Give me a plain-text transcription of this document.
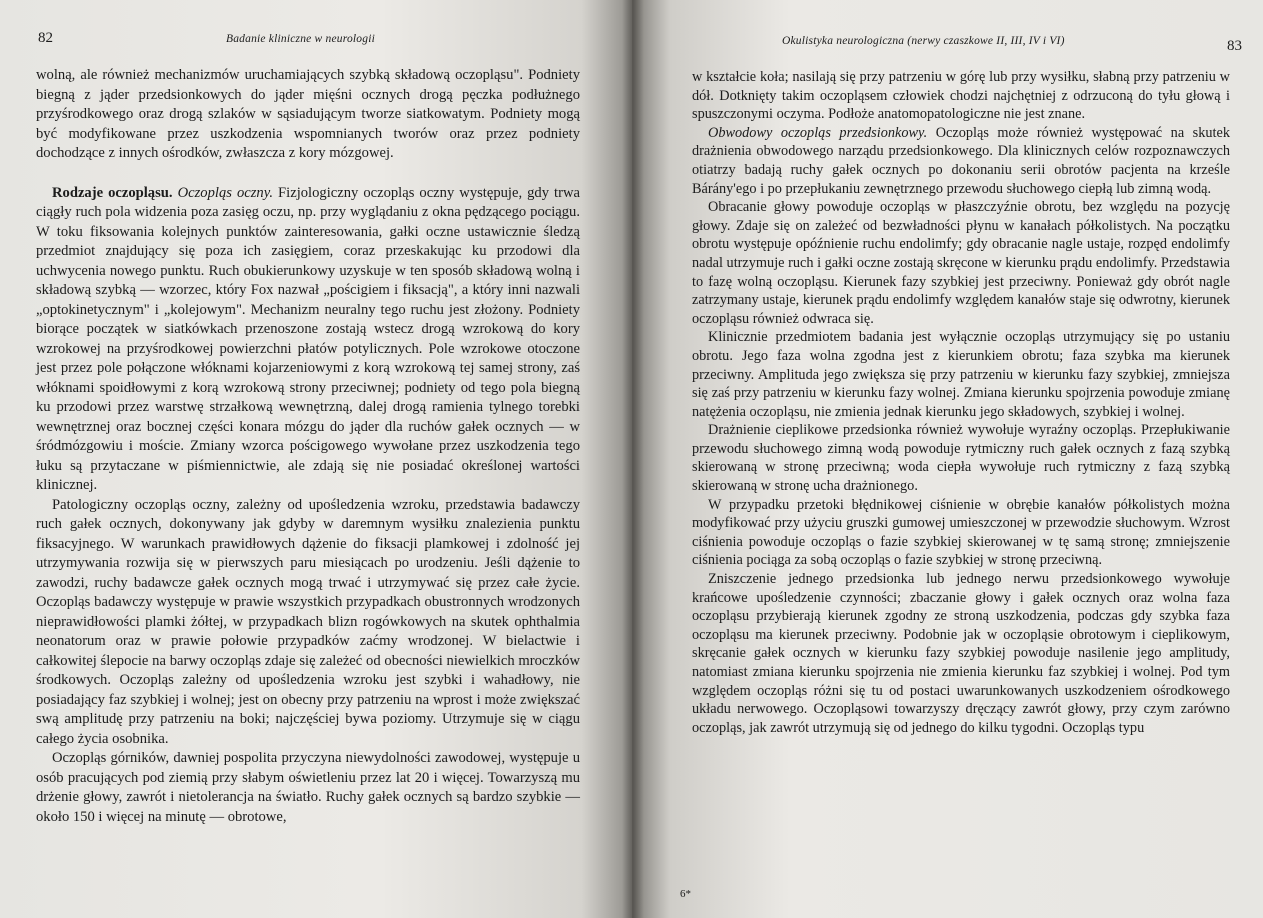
82	Badanie kliniczne w neurologii

wolną, ale również mechanizmów uruchamiających szybką składową oczopląsu". Podniety biegną z jąder przedsionkowych do jąder mięśni ocznych drogą pęczka podłużnego przyśrodkowego oraz drogą szlaków w sąsiadującym tworze siatkowatym. Podniety mogą być modyfikowane przez uszkodzenia wspomnianych tworów oraz przez podniety dochodzące z innych ośrodków, zwłaszcza z kory mózgowej.

Rodzaje oczopląsu. Oczopląs oczny. Fizjologiczny oczopląs oczny występuje, gdy trwa ciągły ruch pola widzenia poza zasięg oczu, np. przy wyglądaniu z okna pędzącego pociągu. W toku fiksowania kolejnych punktów zainteresowania, gałki oczne ustawicznie śledzą przedmiot znajdujący się poza ich zasięgiem, coraz przeskakując ku przodowi dla uchwycenia nowego punktu. Ruch obukierunkowy uzyskuje w ten sposób składową wolną i składową szybką — wzorzec, który Fox nazwał „pościgiem i fiksacją", a który inni nazwali „optokinetycznym" i „kolejowym". Mechanizm neuralny tego ruchu jest złożony. Podniety biorące początek w siatkówkach przenoszone zostają wstecz drogą wzrokową do kory wzrokowej na przyśrodkowej powierzchni płatów potylicznych. Pole wzrokowe otoczone jest przez pole połączone włóknami kojarzeniowymi z korą wzrokową tej samej strony, zaś włóknami spoidłowymi z korą wzrokową strony przeciwnej; podniety od tego pola biegną ku przodowi przez warstwę strzałkową wewnętrzną, dalej drogą ramienia tylnego torebki wewnętrznej oraz bocznej części konara mózgu do jąder dla ruchów gałek ocznych — w śródmózgowiu i moście. Zmiany wzorca pościgowego wywołane przez uszkodzenia tego łuku są przytaczane w piśmiennictwie, ale zdają się nie posiadać określonej wartości klinicznej.

Patologiczny oczopląs oczny, zależny od upośledzenia wzroku, przedstawia badawczy ruch gałek ocznych, dokonywany jak gdyby w daremnym wysiłku znalezienia punktu fiksacyjnego. W warunkach prawidłowych dążenie do fiksacji plamkowej i zdolność jej utrzymywania rozwija się w pierwszych paru miesiącach po urodzeniu. Jeśli dążenie to zawodzi, ruchy badawcze gałek ocznych mogą trwać i utrzymywać się przez całe życie. Oczopląs badawczy występuje w prawie wszystkich przypadkach obustronnych wrodzonych nieprawidłowości plamki żółtej, w przypadkach blizn rogówkowych na skutek ophthalmia neonatorum oraz w prawie połowie przypadków zaćmy wrodzonej. W bielactwie i całkowitej ślepocie na barwy oczopląs zdaje się zależeć od obecności niewielkich mroczków środkowych. Oczopląs zależny od upośledzenia wzroku jest szybki i wahadłowy, nie posiadający faz szybkiej i wolnej; jest on obecny przy patrzeniu na wprost i może zwiększać swą amplitudę przy patrzeniu na boki; najczęściej bywa poziomy. Utrzymuje się w ciągu całego życia osobnika.

Oczopląs górników, dawniej pospolita przyczyna niewydolności zawodowej, występuje u osób pracujących pod ziemią przy słabym oświetleniu przez lat 20 i więcej. Towarzyszą mu drżenie głowy, zawrót i nietolerancja na światło. Ruchy gałek ocznych są bardzo szybkie — około 150 i więcej na minutę — obrotowe,

Okulistyka neurologiczna (nerwy czaszkowe II, III, IV i VI)	83

w kształcie koła; nasilają się przy patrzeniu w górę lub przy wysiłku, słabną przy patrzeniu w dół. Dotknięty takim oczopląsem człowiek chodzi najchętniej z odrzuconą do tyłu głową i spuszczonymi oczyma. Podłoże anatomopatologiczne nie jest znane.

Obwodowy oczopląs przedsionkowy. Oczopląs może również występować na skutek drażnienia obwodowego narządu przedsionkowego. Dla klinicznych celów rozpoznawczych otiatrzy badają ruchy gałek ocznych po dokonaniu serii obrotów pacjenta na krześle Bárány'ego i po przepłukaniu zewnętrznego przewodu słuchowego ciepłą lub zimną wodą.

Obracanie głowy powoduje oczopląs w płaszczyźnie obrotu, bez względu na pozycję głowy. Zdaje się on zależeć od bezwładności płynu w kanałach półkolistych. Na początku obrotu występuje opóźnienie ruchu endolimfy; gdy obracanie nagle ustaje, rozpęd endolimfy nadal utrzymuje ruch i gałki oczne zostają skręcone w kierunku prądu endolimfy. Przedstawia to fazę wolną oczopląsu. Kierunek fazy szybkiej jest przeciwny. Ponieważ gdy obrót nagle zatrzymany ustaje, kierunek prądu endolimfy względem kanałów staje się odwrotny, kierunek oczopląsu również odwraca się.

Klinicznie przedmiotem badania jest wyłącznie oczopląs utrzymujący się po ustaniu obrotu. Jego faza wolna zgodna jest z kierunkiem obrotu; faza szybka ma kierunek przeciwny. Amplituda jego zwiększa się przy patrzeniu w kierunku fazy szybkiej, zmniejsza się zaś przy patrzeniu w kierunku fazy wolnej. Zmiana kierunku spojrzenia powoduje zmianę natężenia oczopląsu, nie zmienia jednak kierunku jego składowych, szybkiej i wolnej.

Drażnienie cieplikowe przedsionka również wywołuje wyraźny oczopląs. Przepłukiwanie przewodu słuchowego zimną wodą powoduje rytmiczny ruch gałek ocznych z fazą szybką skierowaną w stronę przeciwną; woda ciepła wywołuje ruch rytmiczny z fazą szybką skierowaną w stronę ucha drażnionego.

W przypadku przetoki błędnikowej ciśnienie w obrębie kanałów półkolistych można modyfikować przy użyciu gruszki gumowej umieszczonej w przewodzie słuchowym. Wzrost ciśnienia powoduje oczopląs o fazie szybkiej skierowanej w tę samą stronę; zmniejszenie ciśnienia pociąga za sobą oczopląs o fazie szybkiej w stronę przeciwną.

Zniszczenie jednego przedsionka lub jednego nerwu przedsionkowego wywołuje krańcowe upośledzenie czynności; zbaczanie głowy i gałek ocznych oraz wolna faza oczopląsu przybierają kierunek zgodny ze stroną uszkodzenia, podczas gdy szybka faza oczopląsu ma kierunek przeciwny. Podobnie jak w oczopląsie obrotowym i cieplikowym, skręcanie gałek ocznych w kierunku fazy szybkiej powoduje nasilenie jego amplitudy, natomiast zmiana kierunku spojrzenia nie zmienia kierunku faz szybkiej i wolnej. Pod tym względem oczopląs różni się tu od postaci uwarunkowanych uszkodzeniem ośrodkowego układu nerwowego. Oczopląsowi towarzyszy dręczący zawrót głowy, przy czym zarówno oczopląs, jak zawrót utrzymują się od jednego do kilku tygodni. Oczopląs typu

6*
